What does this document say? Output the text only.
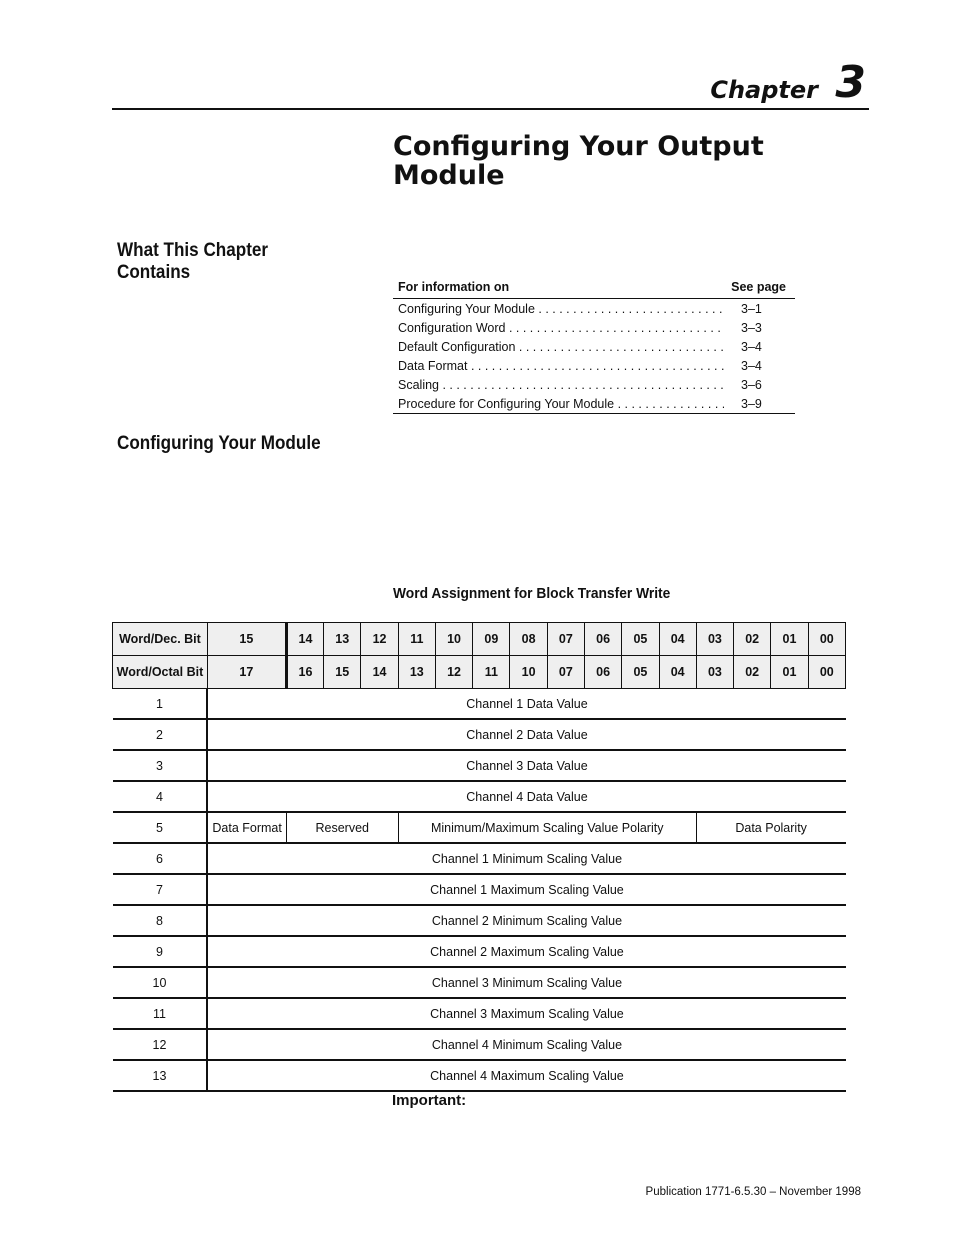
Chapter 3
Configuring Your Output Module
What This Chapter Contains
For information on	See page
Configuring Your Module . . .	3–1
Configuration Word . . .	3–3
Default Configuration . . .	3–4
Data Format . . .	3–4
Scaling . . .	3–6
Procedure for Configuring Your Module . . .	3–9
Configuring Your Module
Word Assignment for Block Transfer Write
Word/Dec. Bit	15	14	13	12	11	10	09	08	07	06	05	04	03	02	01	00
Word/Octal Bit	17	16	15	14	13	12	11	10	07	06	05	04	03	02	01	00
1	Channel 1 Data Value															
2	Channel 2 Data Value															
3	Channel 3 Data Value															
4	Channel 4 Data Value															
5	Data Format	Reserved			Minimum/Maximum Scaling Value Polarity								Data Polarity			
6	Channel 1 Minimum Scaling Value															
7	Channel 1 Maximum Scaling Value															
8	Channel 2 Minimum Scaling Value															
9	Channel 2 Maximum Scaling Value															
10	Channel 3 Minimum Scaling Value															
11	Channel 3 Maximum Scaling Value															
12	Channel 4 Minimum Scaling Value															
13	Channel 4 Maximum Scaling Value															
Important:
Publication 1771-6.5.30 – November 1998
